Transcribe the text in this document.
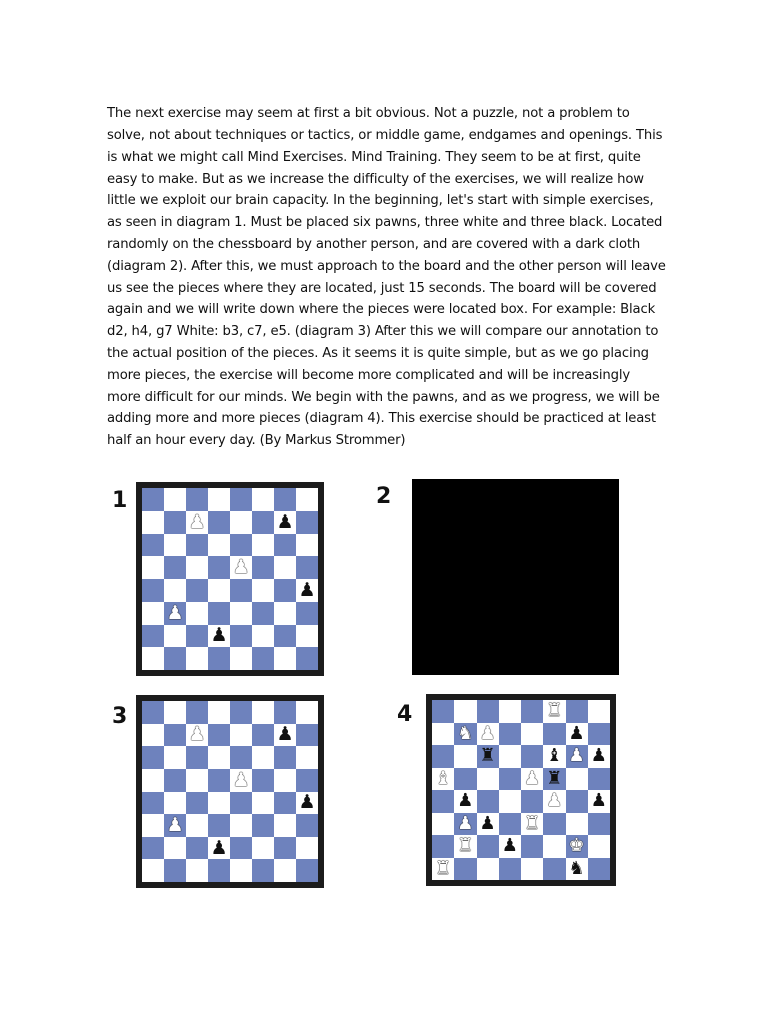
The next exercise may seem at first a bit obvious. Not a puzzle, not a problem to solve, not about techniques or tactics, or middle game, endgames and openings. This is what we might call Mind Exercises. Mind Training. They seem to be at first, quite easy to make. But as we increase the difficulty of the exercises, we will realize how little we exploit our brain capacity. In the beginning, let's start with simple exercises, as seen in diagram 1. Must be placed six pawns, three white and three black. Located randomly on the chessboard by another person, and are covered with a dark cloth (diagram 2). After this, we must approach to the board and the other person will leave us see the pieces where they are located, just 15 seconds. The board will be covered again and we will write down where the pieces were located box. For example: Black d2, h4, g7 White: b3, c7, e5. (diagram 3) After this we will compare our annotation to the actual position of the pieces. As it seems it is quite simple, but as we go placing more pieces, the exercise will become more complicated and will be increasingly more difficult for our minds. We begin with the pawns, and as we progress, we will be adding more and more pieces (diagram 4). This exercise should be practiced at least half an hour every day. (By Markus Strommer)

1	2
3	4
♟	♟
♟
♟
♟
♟
♟	♟
♟
♟
♟
♟
♜
♞ ♟	♟
♜	♝ ♟ ♟
♝	♟ ♜
♟	♟ ♟
♟ ♟ ♜
♜ ♟	♚
♜	♞
